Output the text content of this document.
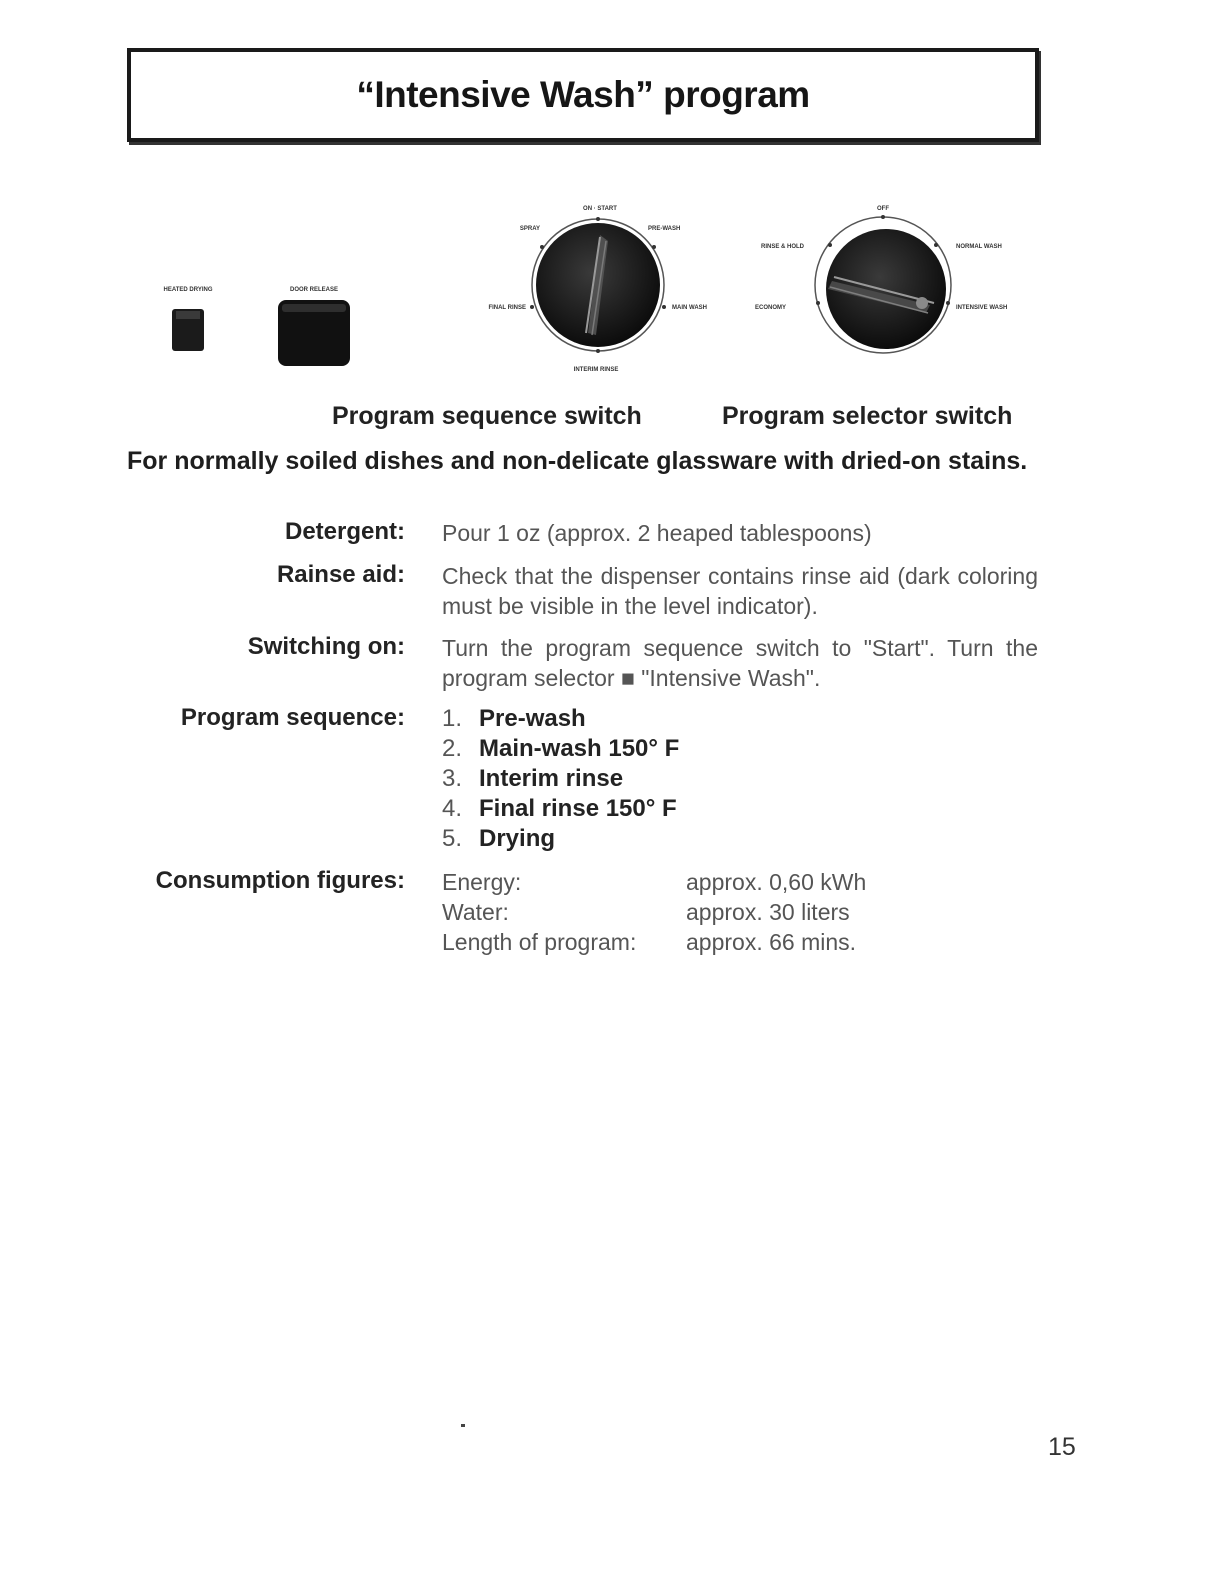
“Intensive Wash” program
HEATED DRYING	DOOR RELEASE
ON · START
SPRAY	PRE-WASH
FINAL RINSE	MAIN WASH
INTERIM RINSE
OFF
RINSE & HOLD
ECONOMY
NORMAL WASH
INTENSIVE WASH
Program sequence switch	Program selector switch
For normally soiled dishes and non-delicate glassware with dried-on stains.
Detergent: Pour 1 oz (approx. 2 heaped tablespoons)
Rainse aid: Check that the dispenser contains rinse aid (dark coloring must be visible in the level indicator).
Switching on: Turn the program sequence switch to "Start". Turn the program selector ■ "Intensive Wash".
Program sequence: 1. Pre-wash
2. Main-wash 150° F
3. Interim rinse
4. Final rinse 150° F
5. Drying
Consumption figures: Energy:	approx. 0,60 kWh
Water:	approx. 30 liters
Length of program: approx. 66 mins.
15
